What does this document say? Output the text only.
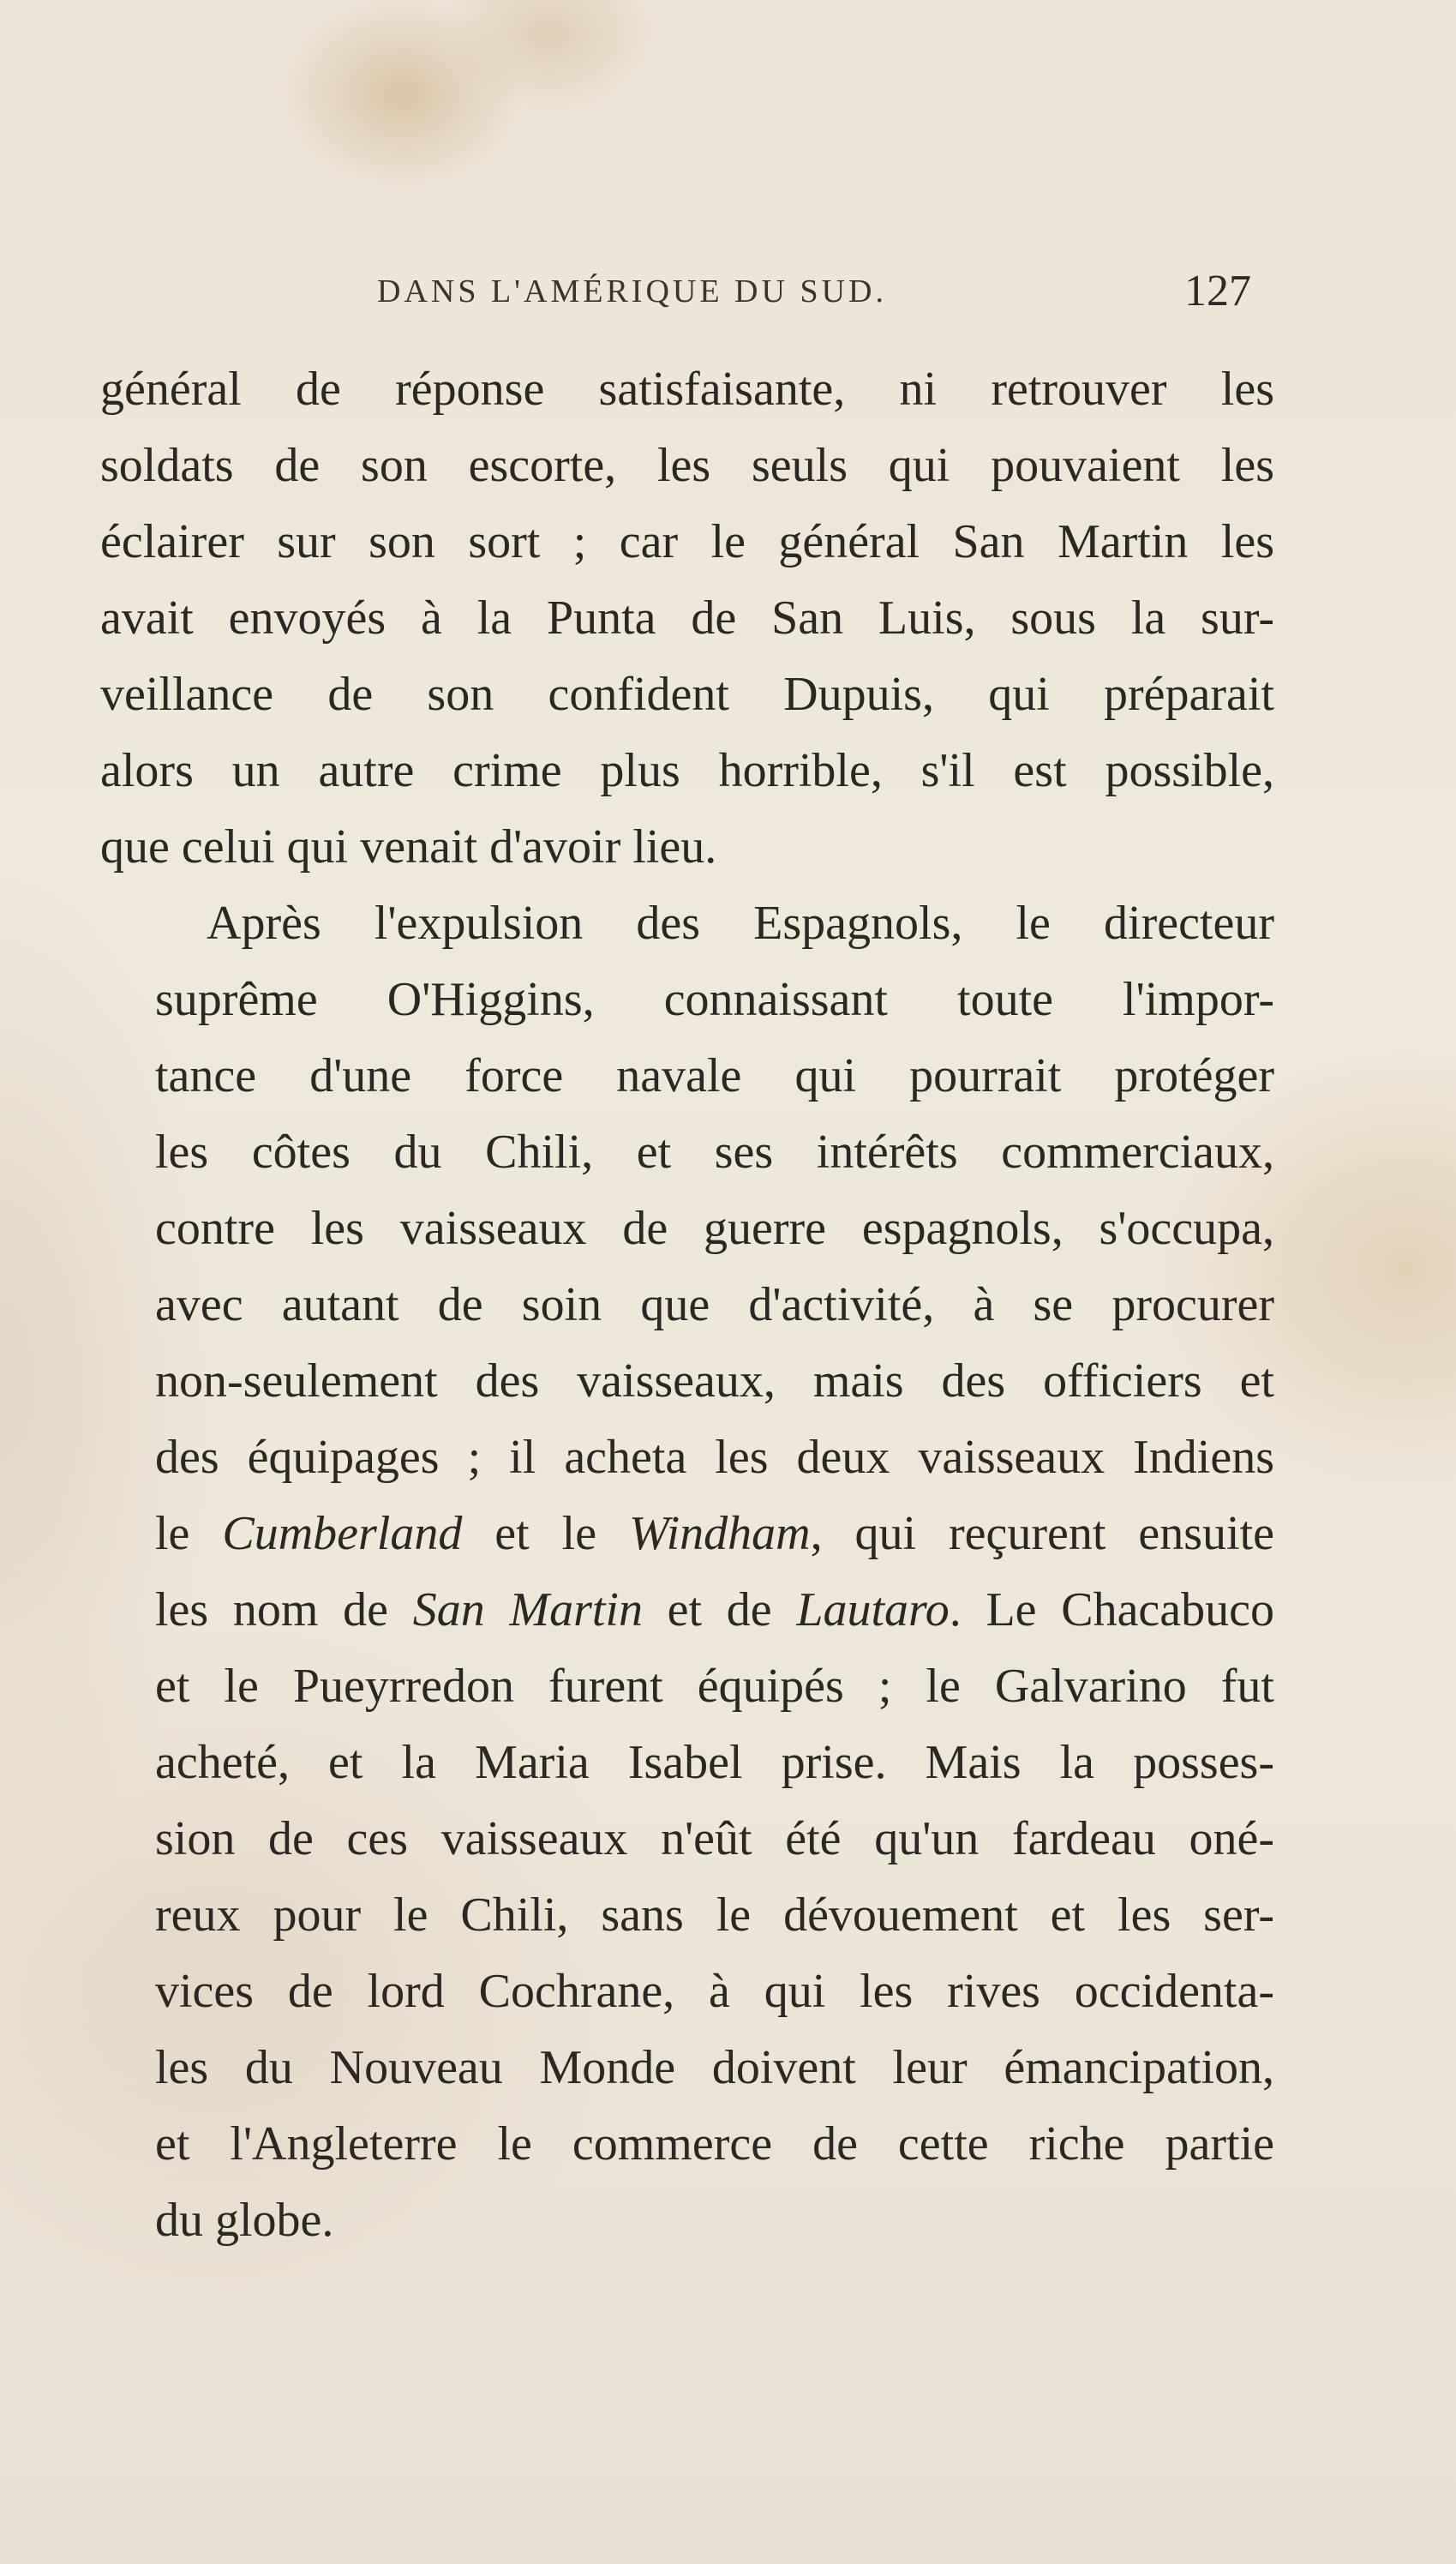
DANS L'AMÉRIQUE DU SUD.	127

général de réponse satisfaisante, ni retrouver les
soldats de son escorte, les seuls qui pouvaient les
éclairer sur son sort ; car le général San Martin les
avait envoyés à la Punta de San Luis, sous la sur-
veillance de son confident Dupuis, qui préparait
alors un autre crime plus horrible, s'il est possible,
que celui qui venait d'avoir lieu.

Après l'expulsion des Espagnols, le directeur
suprême O'Higgins, connaissant toute l'impor-
tance d'une force navale qui pourrait protéger
les côtes du Chili, et ses intérêts commerciaux,
contre les vaisseaux de guerre espagnols, s'occupa,
avec autant de soin que d'activité, à se procurer
non-seulement des vaisseaux, mais des officiers et
des équipages ; il acheta les deux vaisseaux Indiens
le Cumberland et le Windham, qui reçurent ensuite
les nom de San Martin et de Lautaro. Le Chacabuco
et le Pueyrredon furent équipés ; le Galvarino fut
acheté, et la Maria Isabel prise. Mais la posses-
sion de ces vaisseaux n'eût été qu'un fardeau oné-
reux pour le Chili, sans le dévouement et les ser-
vices de lord Cochrane, à qui les rives occidenta-
les du Nouveau Monde doivent leur émancipation,
et l'Angleterre le commerce de cette riche partie
du globe.
